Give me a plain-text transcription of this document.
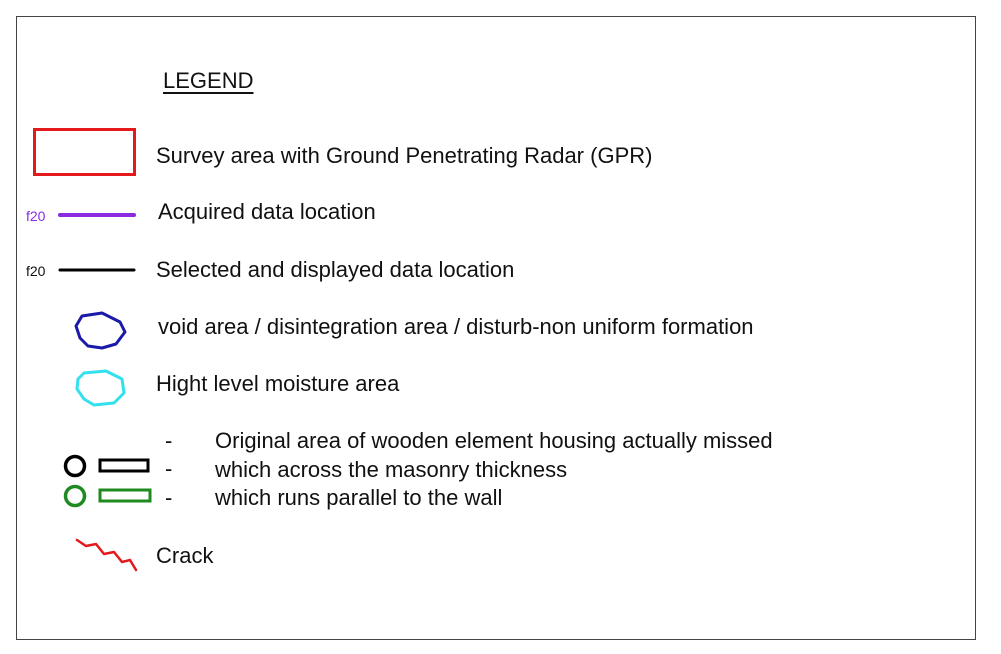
LEGEND
Survey area with Ground Penetrating Radar (GPR)
f20	Acquired data location
f20	Selected and displayed data location
void area / disintegration area / disturb-non uniform formation
Hight level moisture area
- Original area of wooden element housing actually missed
- which across the masonry thickness
- which runs parallel to the wall
Crack
